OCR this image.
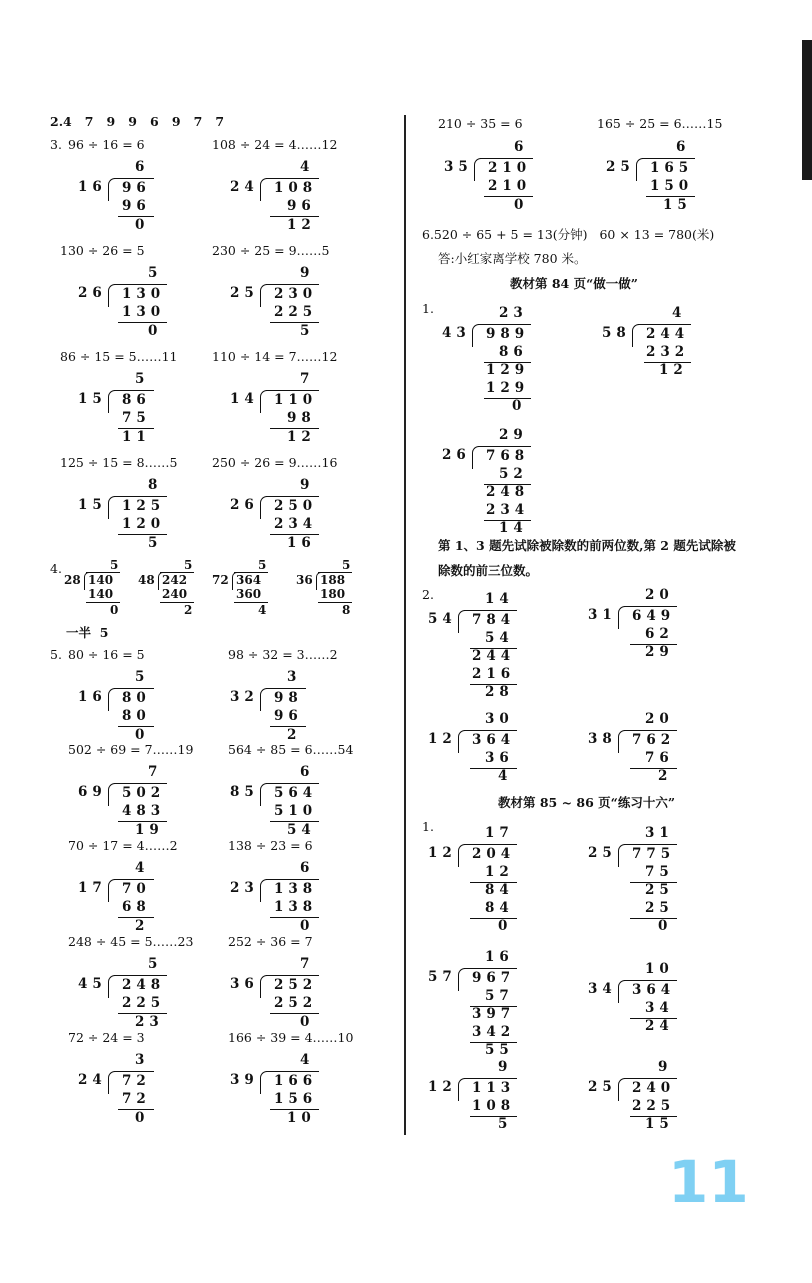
2.4   7   9   9   6   9   7   7
3. 96 ÷ 16 = 6
6
16 96
96
0
108 ÷ 24 = 4……12
4
24 108
96
12
130 ÷ 26 = 5
5
26 130
130
0
230 ÷ 25 = 9……5
9
25 230
225
5
86 ÷ 15 = 5……11
5
15 86
75
11
110 ÷ 14 = 7……12
7
14 110
98
12
125 ÷ 15 = 8……5
8
15 125
120
5
250 ÷ 26 = 9……16
9
26 250
234
16
4.	5
28 140
140
0
5
48 242
240
2
5
72 364
360
4
5
36 188
180
8
一半  5
5. 80 ÷ 16 = 5
5
16 80
80
0
98 ÷ 32 = 3……2
3
32 98
96
2
502 ÷ 69 = 7……19
7
69 502
483
19
564 ÷ 85 = 6……54
6
85 564
510
54
70 ÷ 17 = 4……2
4
17 70
68
2
138 ÷ 23 = 6
6
23 138
138
0
248 ÷ 45 = 5……23
5
45 248
225
23
252 ÷ 36 = 7
7
36 252
252
0
72 ÷ 24 = 3
3
24 72
72
0
166 ÷ 39 = 4……10
4
39 166
156
10
210 ÷ 35 = 6	165 ÷ 25 = 6……15
6
35 210
210
0
6
25 165
150
15
6.520 ÷ 65 + 5 = 13(分钟)   60 × 13 = 780(米)
答:小红家离学校 780 米。
教材第 84 页“做一做”
1.	23
43 989
86
129
129
0
4
58 244
232
12
29
26 768
52
248
234
14
第 1、3 题先试除被除数的前两位数,第 2 题先试除被
除数的前三位数。
2.	14
54 784
54
244
216
28
20
31 649
62
29
30
12 364
36
4
20
38 762
76
2
教材第 85 ~ 86 页“练习十六”
1.	17
12 204
12
84
84
0
31
25 775
75
25
25
0
16
57 967
57
397
342
55
10
34 364
34
24
9
12 113
108
5
9
25 240
225
15
11
